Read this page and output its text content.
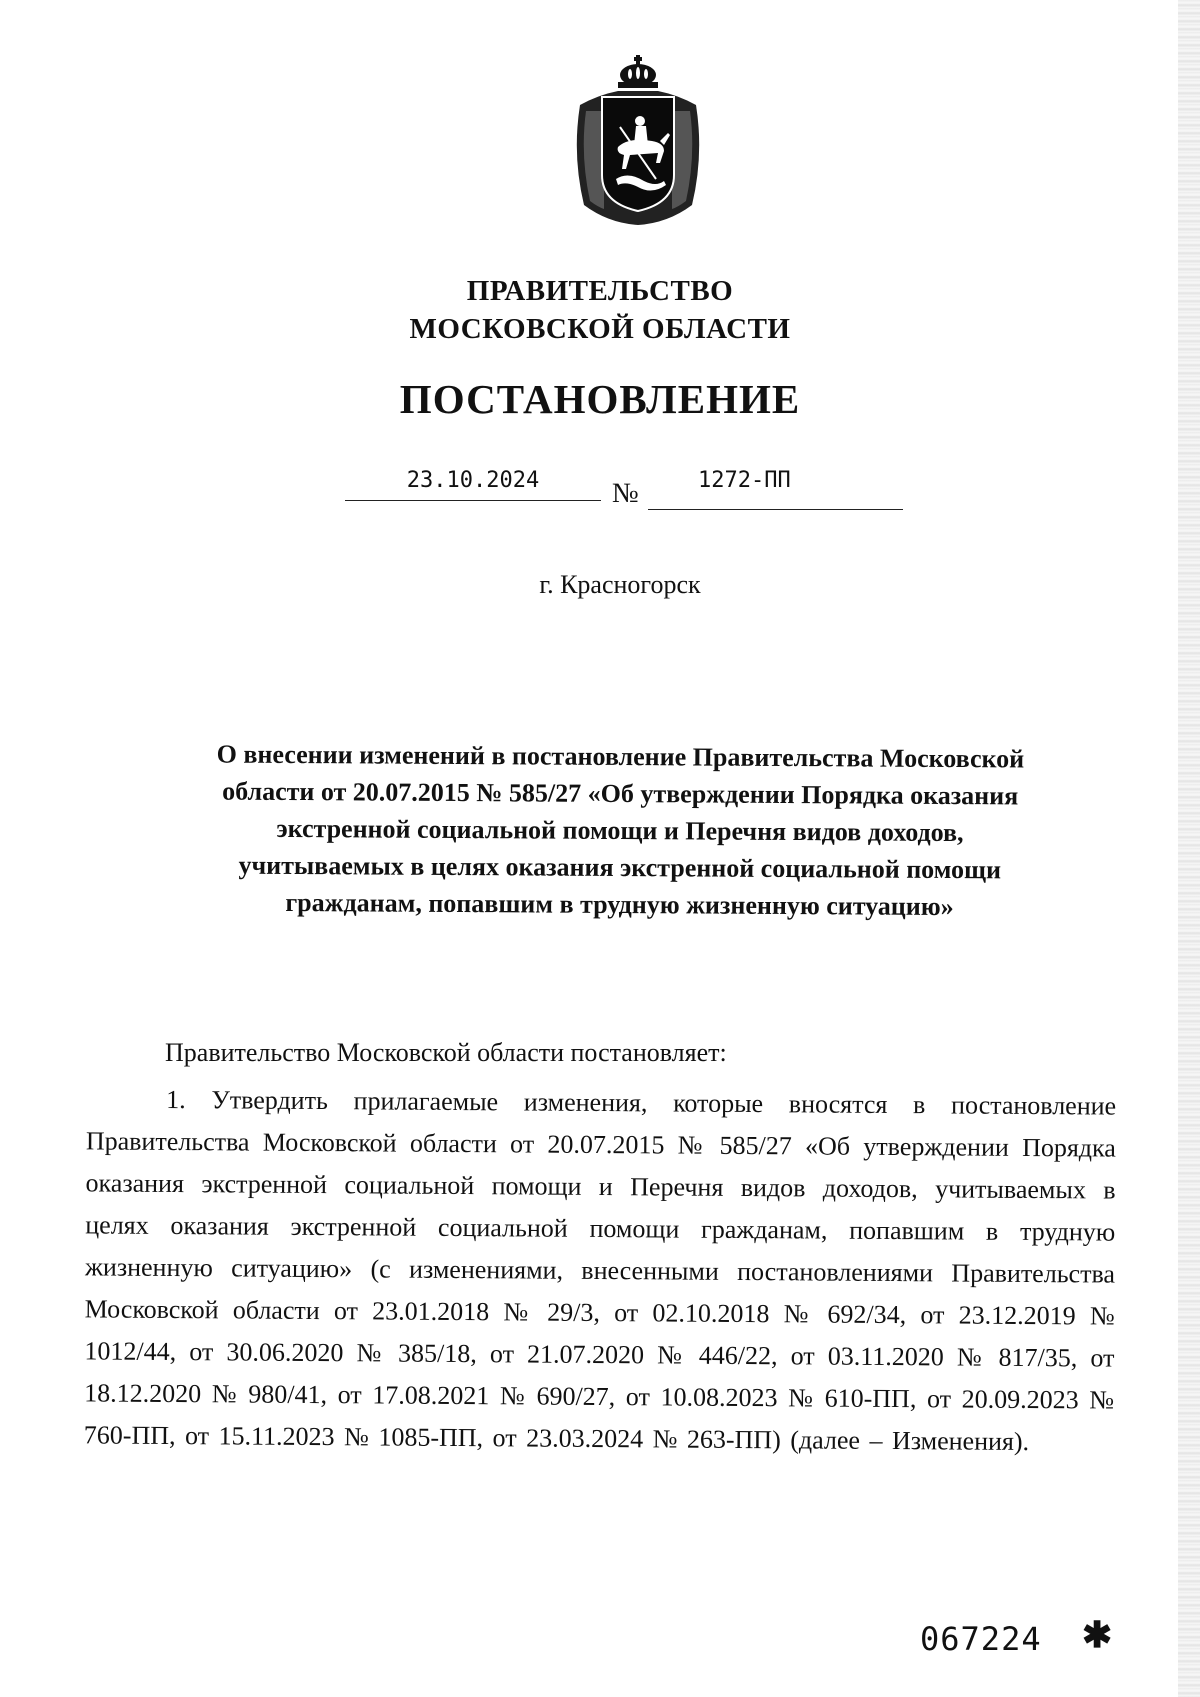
ПРАВИТЕЛЬСТВО
МОСКОВСКОЙ ОБЛАСТИ
ПОСТАНОВЛЕНИЕ
23.10.2024	№	1272-ПП
г. Красногорск
О внесении изменений в постановление Правительства Московской области от 20.07.2015 № 585/27 «Об утверждении Порядка оказания экстренной социальной помощи и Перечня видов доходов, учитываемых в целях оказания экстренной социальной помощи гражданам, попавшим в трудную жизненную ситуацию»
Правительство Московской области постановляет:
1. Утвердить прилагаемые изменения, которые вносятся в постановление Правительства Московской области от 20.07.2015 № 585/27 «Об утверждении Порядка оказания экстренной социальной помощи и Перечня видов доходов, учитываемых в целях оказания экстренной социальной помощи гражданам, попавшим в трудную жизненную ситуацию» (с изменениями, внесенными постановлениями Правительства Московской области от 23.01.2018 № 29/3, от 02.10.2018 № 692/34, от 23.12.2019 № 1012/44, от 30.06.2020 № 385/18, от 21.07.2020 № 446/22, от 03.11.2020 № 817/35, от 18.12.2020 № 980/41, от 17.08.2021 № 690/27, от 10.08.2023 № 610-ПП, от 20.09.2023 № 760-ПП, от 15.11.2023 № 1085-ПП, от 23.03.2024 № 263-ПП) (далее – Изменения).
067224 ✱
